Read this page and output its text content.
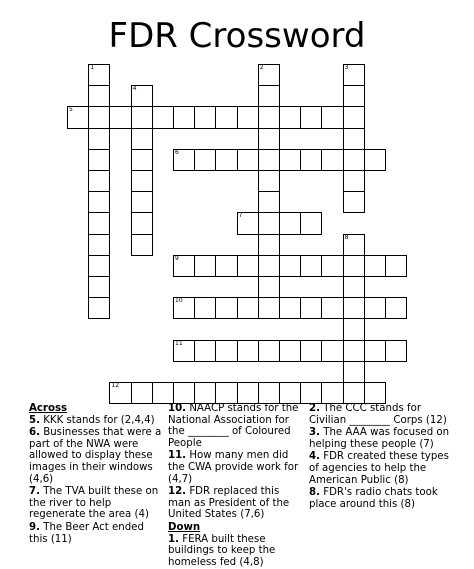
FDR Crossword
1	2	3
4
5
6
7
8
9
10
11
12
Across
5. KKK stands for (2,4,4)
6. Businesses that were a part of the NWA were allowed to display these images in their windows (4,6)
7. The TVA built these on the river to help regenerate the area (4)
9. The Beer Act ended this (11)
10. NAACP stands for the National Association for the ________ of Coloured People
11. How many men did the CWA provide work for (4,7)
12. FDR replaced this man as President of the United States (7,6)
Down
1. FERA built these buildings to keep the homeless fed (4,8)
2. The CCC stands for Civilian ________ Corps (12)
3. The AAA was focused on helping these people (7)
4. FDR created these types of agencies to help the American Public (8)
8. FDR's radio chats took place around this (8)
